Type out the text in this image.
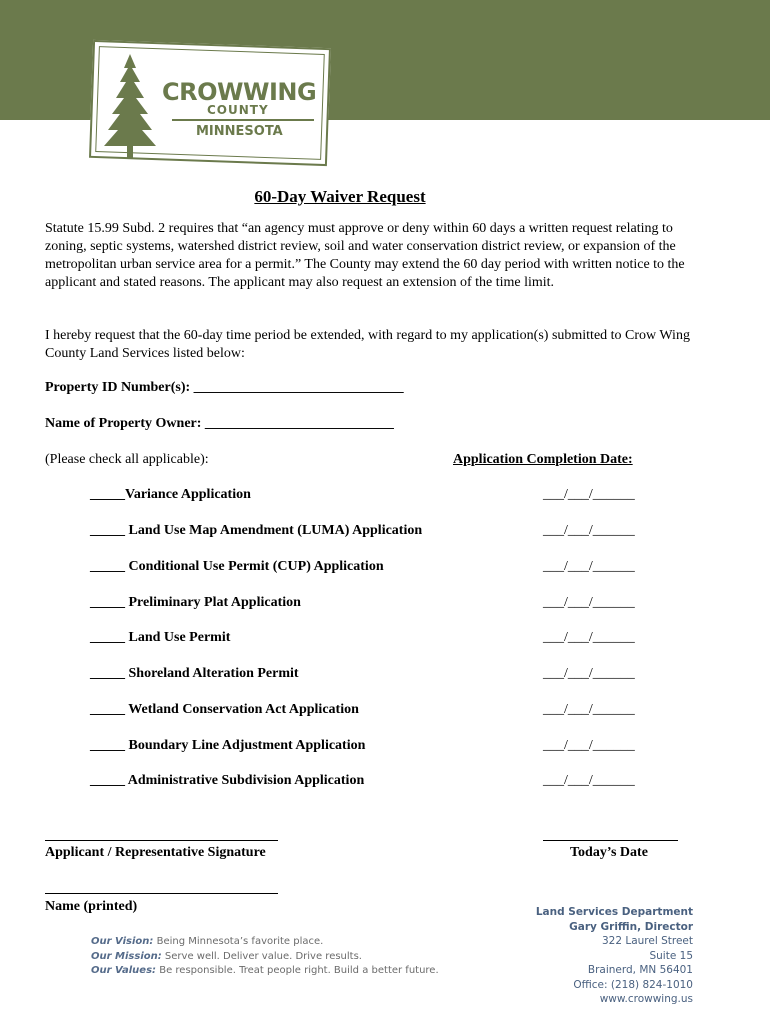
CROWWING
COUNTY
MINNESOTA
60-Day Waiver Request

Statute 15.99 Subd. 2 requires that “an agency must approve or deny within 60 days a written request relating to zoning, septic systems, watershed district review, soil and water conservation district review, or expansion of the metropolitan urban service area for a permit.” The County may extend the 60 day period with written notice to the applicant and stated reasons. The applicant may also request an extension of the time limit.

I hereby request that the 60-day time period be extended, with regard to my application(s) submitted to Crow Wing County Land Services listed below:

Property ID Number(s): ______________________________
Name of Property Owner: ___________________________
(Please check all applicable):	Application Completion Date:
_____Variance Application	___/___/______
_____ Land Use Map Amendment (LUMA) Application	___/___/______
_____ Conditional Use Permit (CUP) Application	___/___/______
_____ Preliminary Plat Application	___/___/______
_____ Land Use Permit	___/___/______
_____ Shoreland Alteration Permit	___/___/______
_____ Wetland Conservation Act Application	___/___/______
_____ Boundary Line Adjustment Application	___/___/______
_____ Administrative Subdivision Application	___/___/______
Applicant / Representative Signature	Today’s Date
Name (printed)
Our Vision: Being Minnesota’s favorite place.
Our Mission: Serve well. Deliver value. Drive results.
Our Values: Be responsible. Treat people right. Build a better future.
Land Services Department
Gary Griffin, Director
322 Laurel Street
Suite 15
Brainerd, MN 56401
Office: (218) 824-1010
www.crowwing.us
